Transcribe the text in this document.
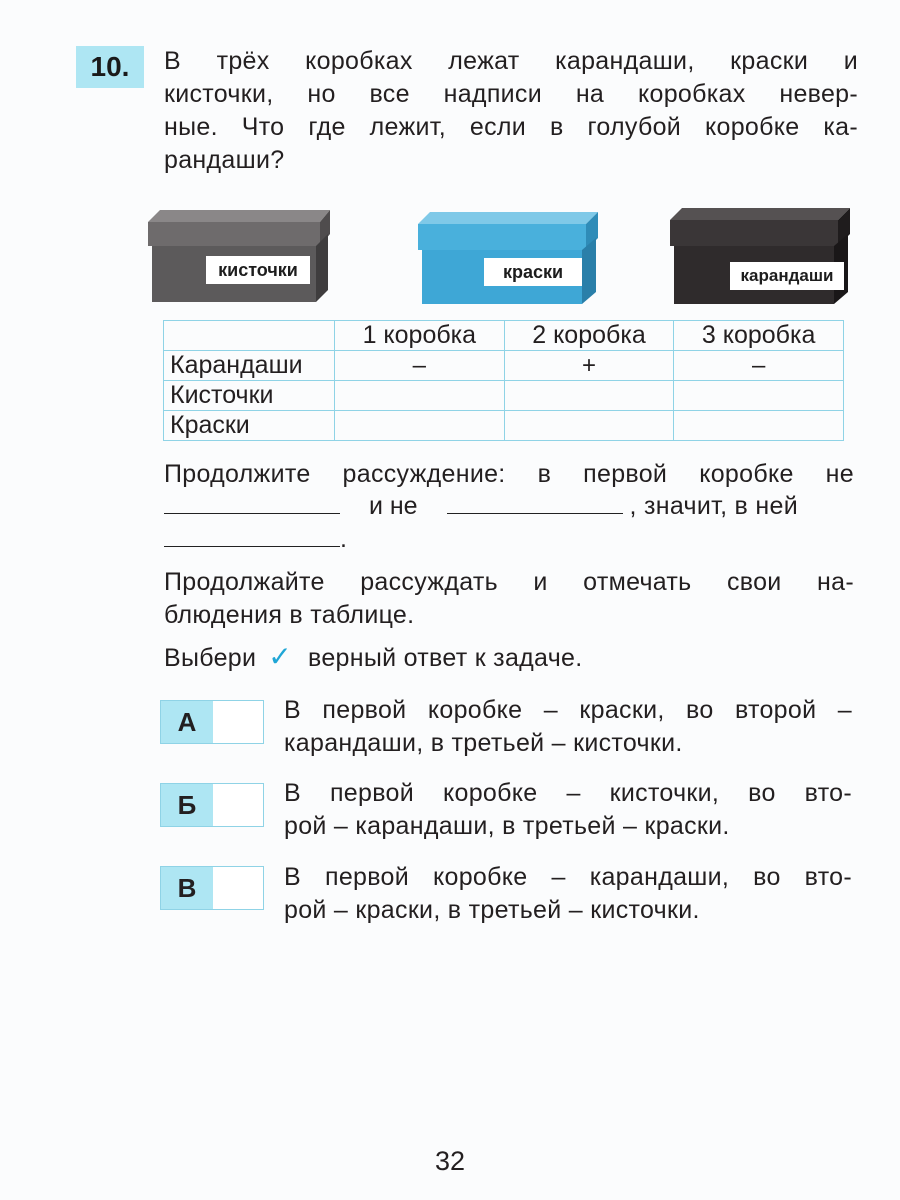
10.	В трёх коробках лежат карандаши, краски и
кисточки, но все надписи на коробках невер-
ные. Что где лежит, если в голубой коробке ка-
рандаши?
кисточки	краски	карандаши
	1 коробка	2 коробка	3 коробка
Карандаши	–	+	–
Кисточки			
Краски			
Продолжите рассуждение: в первой коробке не
и не	, значит, в ней
.
Продолжайте рассуждать и отмечать свои на-
блюдения в таблице.
Выбери ✓ верный ответ к задаче.
А	В первой коробке – краски, во второй –
карандаши, в третьей – кисточки.
Б	В первой коробке – кисточки, во вто-
рой – карандаши, в третьей – краски.
В	В первой коробке – карандаши, во вто-
рой – краски, в третьей – кисточки.
32
